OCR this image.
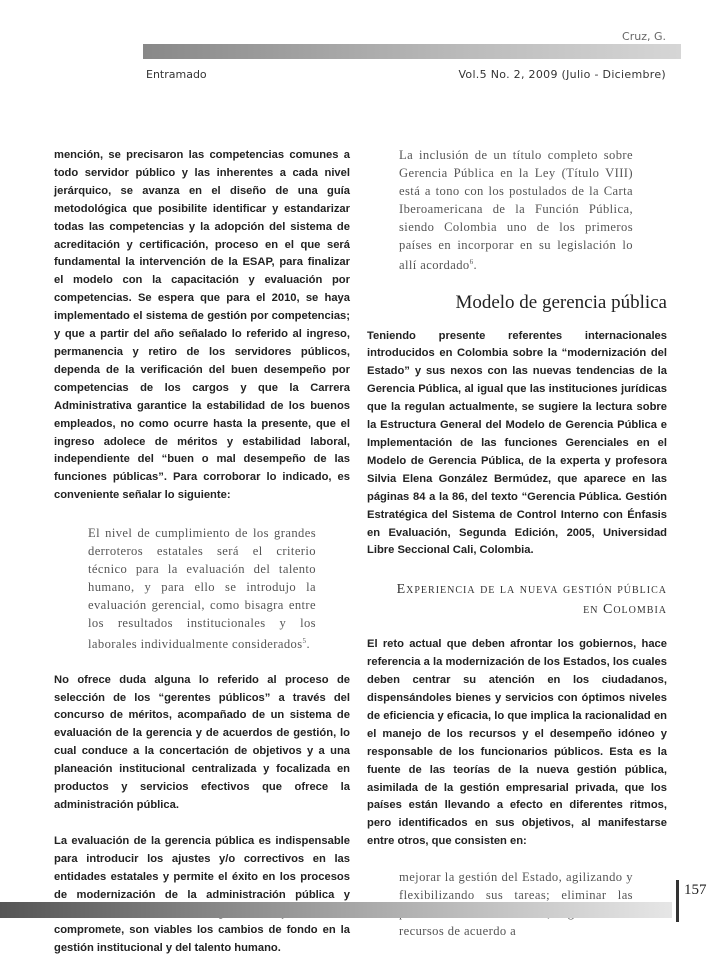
Cruz, G.
Entramado	Vol.5 No. 2, 2009 (Julio - Diciembre)

mención, se precisaron las competencias comunes a todo servidor público y las inherentes a cada nivel jerárquico, se avanza en el diseño de una guía metodológica que posibilite identificar y estandarizar todas las competencias y la adopción del sistema de acreditación y certificación, proceso en el que será fundamental la intervención de la ESAP, para finalizar el modelo con la capacitación y evaluación por competencias. Se espera que para el 2010, se haya implementado el sistema de gestión por competencias; y que a partir del año señalado lo referido al ingreso, permanencia y retiro de los servidores públicos, dependa de la verificación del buen desempeño por competencias de los cargos y que la Carrera Administrativa garantice la estabilidad de los buenos empleados, no como ocurre hasta la presente, que el ingreso adolece de méritos y estabilidad laboral, independiente del “buen o mal desempeño de las funciones públicas”. Para corroborar lo indicado, es conveniente señalar lo siguiente:

El nivel de cumplimiento de los grandes derroteros estatales será el criterio técnico para la evaluación del talento humano, y para ello se introdujo la evaluación gerencial, como bisagra entre los resultados institucionales y los laborales individualmente considerados$^5$.

No ofrece duda alguna lo referido al proceso de selección de los “gerentes públicos” a través del concurso de méritos, acompañado de un sistema de evaluación de la gerencia y de acuerdos de gestión, lo cual conduce a la concertación de objetivos y a una planeación institucional centralizada y focalizada en productos y servicios efectivos que ofrece la administración pública.

La evaluación de la gerencia pública es indispensable para introducir los ajustes y/o correctivos en las entidades estatales y permite el éxito en los procesos de modernización de la administración pública y compromete, son viables los cambios de fondo en la gestión institucional y del talento humano.

La inclusión de un título completo sobre Gerencia Pública en la Ley (Título VIII) está a tono con los postulados de la Carta Iberoamericana de la Función Pública, siendo Colombia uno de los primeros países en incorporar en su legislación lo allí acordado$^6$.
Modelo de gerencia pública

Teniendo presente referentes internacionales introducidos en Colombia sobre la “modernización del Estado” y sus nexos con las nuevas tendencias de la Gerencia Pública, al igual que las instituciones jurídicas que la regulan actualmente, se sugiere la lectura sobre la Estructura General del Modelo de Gerencia Pública e Implementación de las funciones Gerenciales en el Modelo de Gerencia Pública, de la experta y profesora Silvia Elena González Bermúdez, que aparece en las páginas 84 a la 86, del texto “Gerencia Pública. Gestión Estratégica del Sistema de Control Interno con Énfasis en Evaluación, Segunda Edición, 2005, Universidad Libre Seccional Cali, Colombia.

Experiencia de la nueva gestión pública
en Colombia

El reto actual que deben afrontar los gobiernos, hace referencia a la modernización de los Estados, los cuales deben centrar su atención en los ciudadanos, dispensándoles bienes y servicios con óptimos niveles de eficiencia y eficacia, lo que implica la racionalidad en el manejo de los recursos y el desempeño idóneo y responsable de los funcionarios públicos. Esta es la fuente de las teorías de la nueva gestión pública, asimilada de la gestión empresarial privada, que los países están llevando a efecto en diferentes ritmos, pero identificados en sus objetivos, al manifestarse entre otros, que consisten en:

mejorar la gestión del Estado, agilizando y flexibilizando sus tareas; eliminar las recursos de acuerdo a
157
